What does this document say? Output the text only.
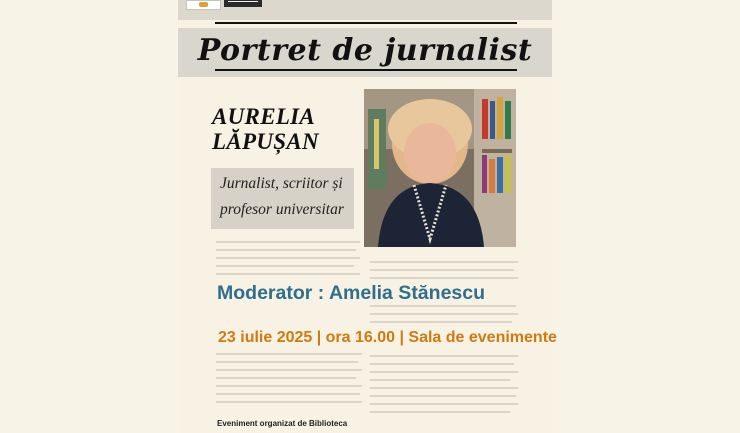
Portret de jurnalist
AURELIA
LĂPUȘAN
Jurnalist, scriitor și profesor universitar
Moderator : Amelia Stănescu
23 iulie 2025 | ora 16.00 | Sala de evenimente
Eveniment organizat de Biblioteca
